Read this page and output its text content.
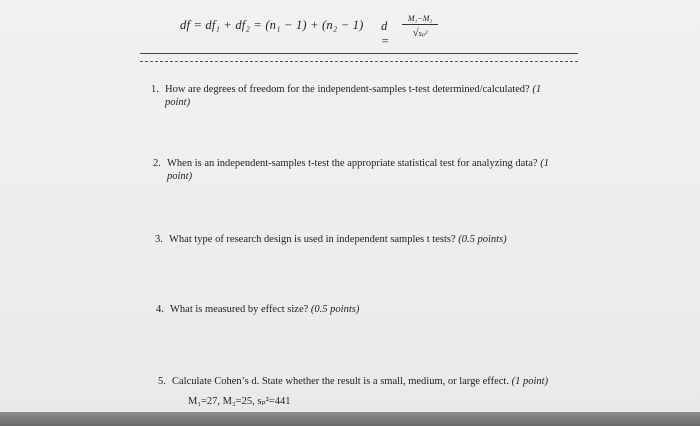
df = df₁ + df₂ = (n₁ − 1) + (n₂ − 1) d =
M₁−M₂
√sₚ²
1. How are degrees of freedom for the independent-samples t-test determined/calculated? (1
point)
2. When is an independent-samples t-test the appropriate statistical test for analyzing data? (1
point)
3. What type of research design is used in independent samples t tests? (0.5 points)
4. What is measured by effect size? (0.5 points)
5. Calculate Cohen’s d. State whether the result is a small, medium, or large effect. (1 point)
M₁=27, M₂=25, sₚ²=441
